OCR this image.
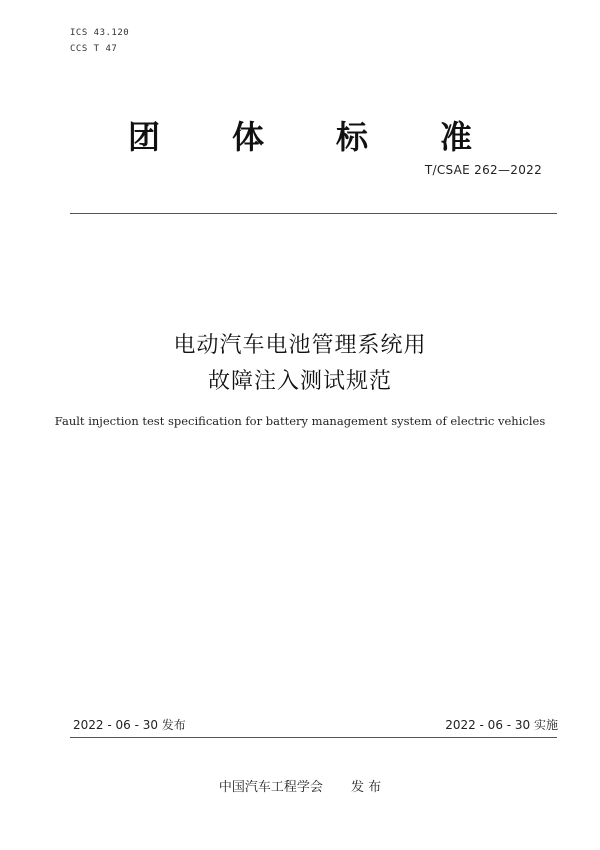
ICS 43.120
CCS T 47
团 体 标 准
T/CSAE 262—2022
电动汽车电池管理系统用
故障注入测试规范
Fault injection test specification for battery management system of electric vehicles
2022 - 06 - 30 发布	2022 - 06 - 30 实施
中国汽车工程学会 发 布
